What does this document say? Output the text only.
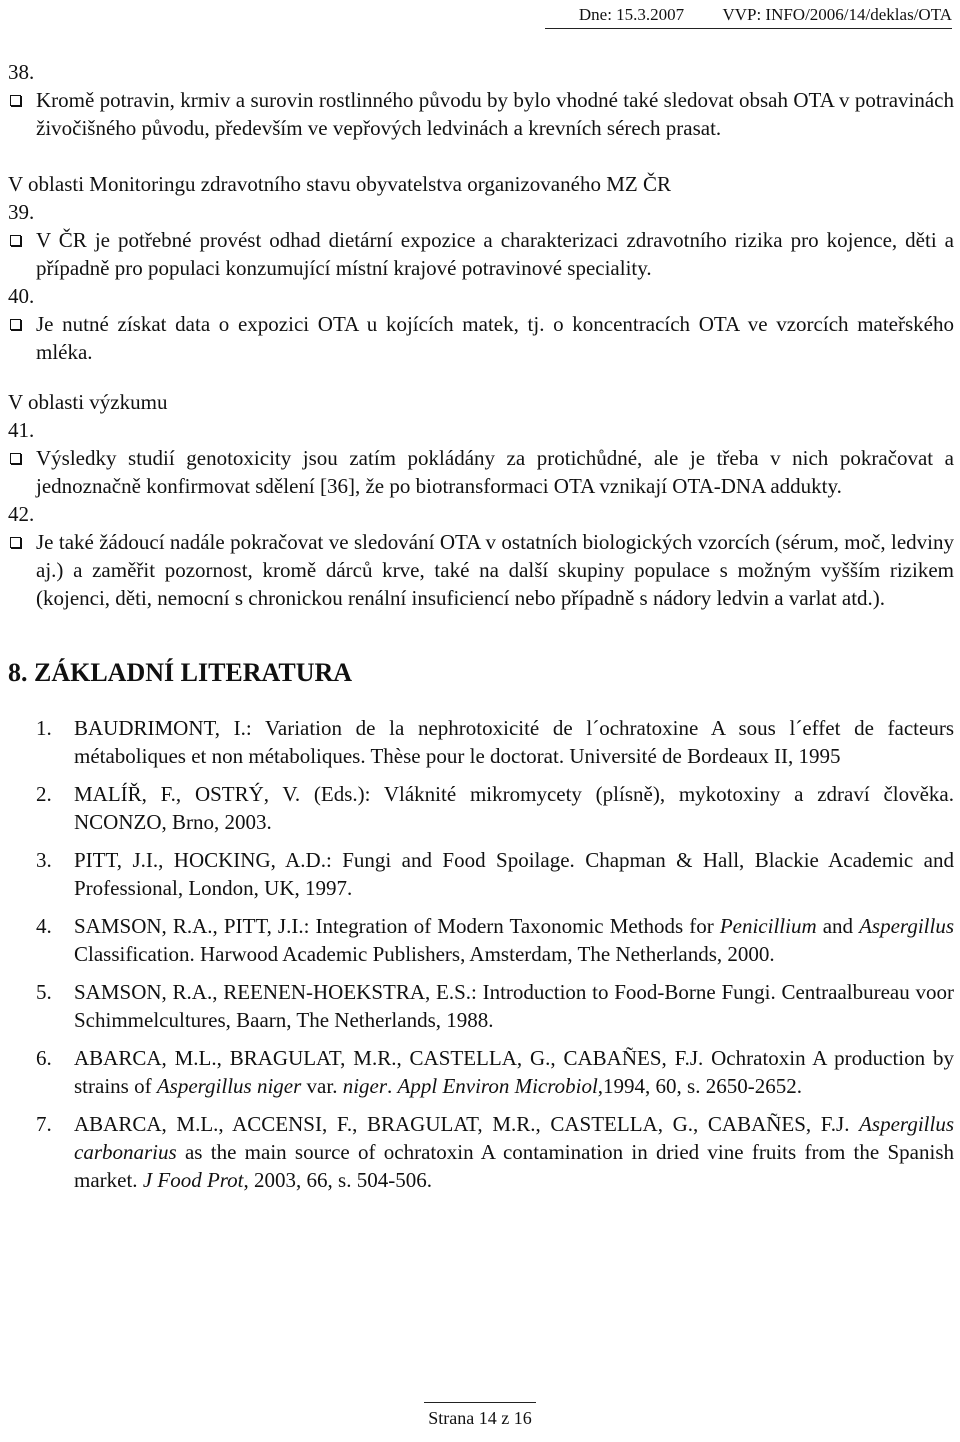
Dne: 15.3.2007 VVP: INFO/2006/14/deklas/OTA
38.
Kromě potravin, krmiv a surovin rostlinného původu by bylo vhodné také sledovat obsah OTA v potravinách živočišného původu, především ve vepřových ledvinách a krevních sérech prasat.
V oblasti Monitoringu zdravotního stavu obyvatelstva organizovaného MZ ČR
39.
V ČR je potřebné provést odhad dietární expozice a charakterizaci zdravotního rizika pro kojence, děti a případně pro populaci konzumující místní krajové potravinové speciality.
40.
Je nutné získat data o expozici OTA u kojících matek, tj. o koncentracích OTA ve vzorcích mateřského mléka.
V oblasti výzkumu
41.
Výsledky studií genotoxicity jsou zatím pokládány za protichůdné, ale je třeba v nich pokračovat a jednoznačně konfirmovat sdělení [36], že po biotransformaci OTA vznikají OTA-DNA addukty.
42.
Je také žádoucí nadále pokračovat ve sledování OTA v ostatních biologických vzorcích (sérum, moč, ledviny aj.) a zaměřit pozornost, kromě dárců krve, také na další skupiny populace s možným vyšším rizikem (kojenci, děti, nemocní s chronickou renální insuficiencí nebo případně s nádory ledvin a varlat atd.).
8. ZÁKLADNÍ LITERATURA
1. BAUDRIMONT, I.: Variation de la nephrotoxicité de l´ochratoxine A sous l´effet de facteurs métaboliques et non métaboliques. Thèse pour le doctorat. Université de Bordeaux II, 1995
2. MALÍŘ, F., OSTRÝ, V. (Eds.): Vláknité mikromycety (plísně), mykotoxiny a zdraví člověka. NCONZO, Brno, 2003.
3. PITT, J.I., HOCKING, A.D.: Fungi and Food Spoilage. Chapman & Hall, Blackie Academic and Professional, London, UK, 1997.
4. SAMSON, R.A., PITT, J.I.: Integration of Modern Taxonomic Methods for Penicillium and Aspergillus Classification. Harwood Academic Publishers, Amsterdam, The Netherlands, 2000.
5. SAMSON, R.A., REENEN-HOEKSTRA, E.S.: Introduction to Food-Borne Fungi. Centraalbureau voor Schimmelcultures, Baarn, The Netherlands, 1988.
6. ABARCA, M.L., BRAGULAT, M.R., CASTELLA, G., CABAÑES, F.J. Ochratoxin A production by strains of Aspergillus niger var. niger. Appl Environ Microbiol,1994, 60, s. 2650-2652.
7. ABARCA, M.L., ACCENSI, F., BRAGULAT, M.R., CASTELLA, G., CABAÑES, F.J. Aspergillus carbonarius as the main source of ochratoxin A contamination in dried vine fruits from the Spanish market. J Food Prot, 2003, 66, s. 504-506.
Strana 14 z 16
